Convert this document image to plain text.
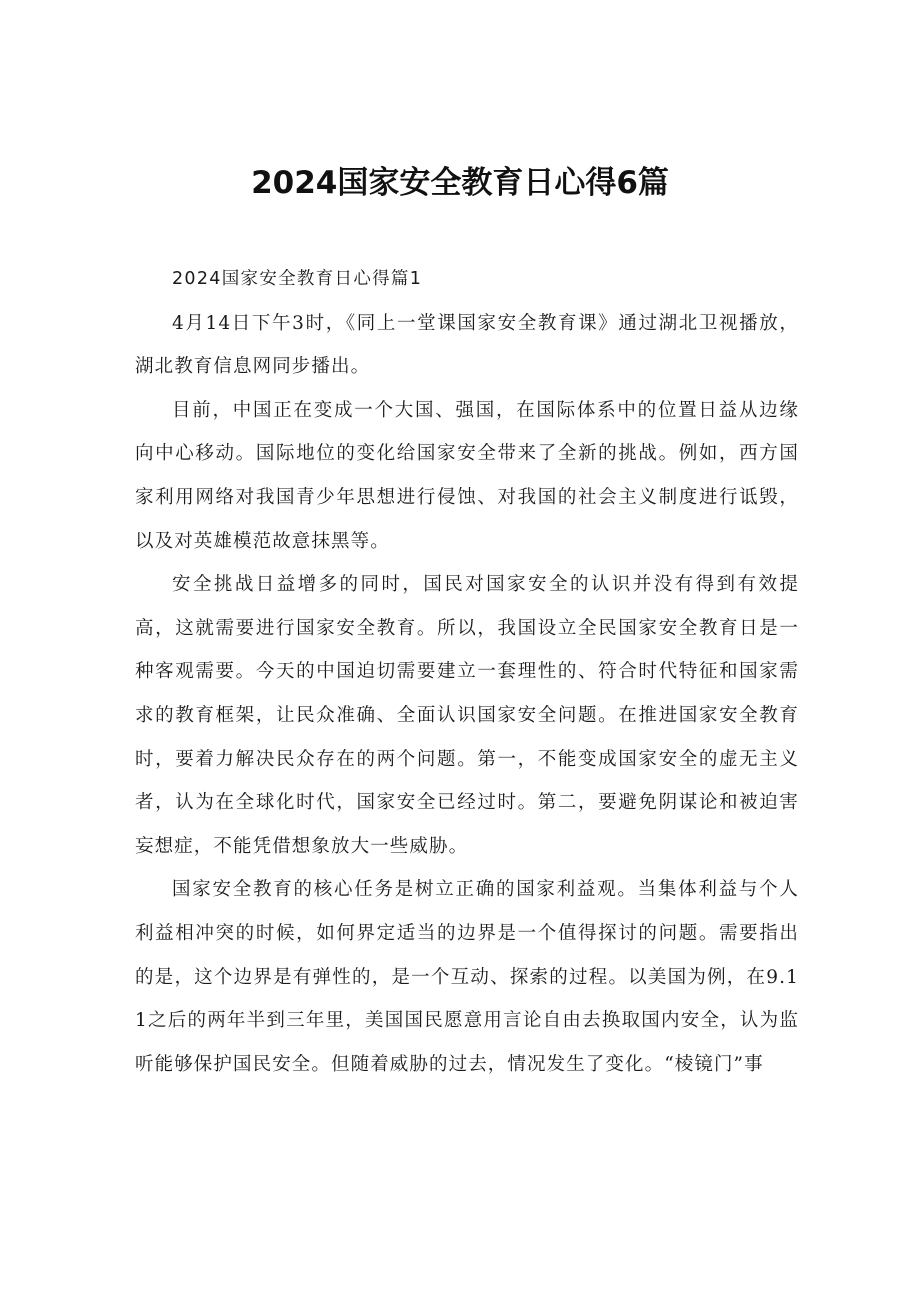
2024国家安全教育日心得6篇

2024国家安全教育日心得篇1

4月14日下午3时，《同上一堂课国家安全教育课》通过湖北卫视播放，湖北教育信息网同步播出。

目前，中国正在变成一个大国、强国，在国际体系中的位置日益从边缘向中心移动。国际地位的变化给国家安全带来了全新的挑战。例如，西方国家利用网络对我国青少年思想进行侵蚀、对我国的社会主义制度进行诋毁，以及对英雄模范故意抹黑等。

安全挑战日益增多的同时，国民对国家安全的认识并没有得到有效提高，这就需要进行国家安全教育。所以，我国设立全民国家安全教育日是一种客观需要。今天的中国迫切需要建立一套理性的、符合时代特征和国家需求的教育框架，让民众准确、全面认识国家安全问题。在推进国家安全教育时，要着力解决民众存在的两个问题。第一，不能变成国家安全的虚无主义者，认为在全球化时代，国家安全已经过时。第二，要避免阴谋论和被迫害妄想症，不能凭借想象放大一些威胁。

国家安全教育的核心任务是树立正确的国家利益观。当集体利益与个人利益相冲突的时候，如何界定适当的边界是一个值得探讨的问题。需要指出的是，这个边界是有弹性的，是一个互动、探索的过程。以美国为例，在9.11之后的两年半到三年里，美国国民愿意用言论自由去换取国内安全，认为监听能够保护国民安全。但随着威胁的过去，情况发生了变化。“棱镜门”事
